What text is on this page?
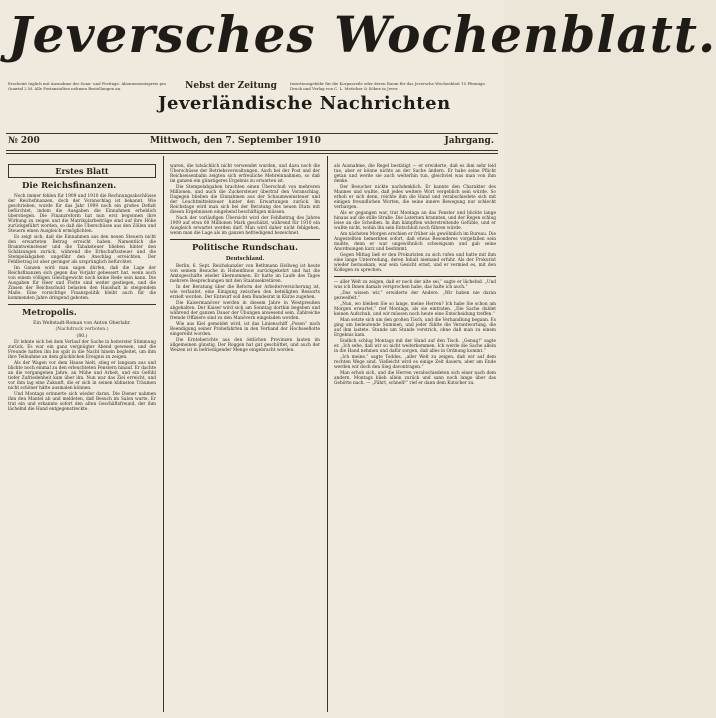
Jeversches Wochenblatt.
Erscheint täglich mit Ausnahme der Sonn- und Festtage. Abonnementspreis pro Quartal 2 M. Alle Postanstalten nehmen Bestellungen an.	Nebst der Zeitung	Insertionsgebühr für die Korpuszeile oder deren Raum für das Jeversche Wochenblatt 10 Pfennige. Druck und Verlag von C. L. Mettcker & Söhne in Jever.
Jeverländische Nachrichten
№ 200	Mittwoch, den 7. September 1910	Jahrgang.
Erstes Blatt
Die Reichsfinanzen.

Noch immer fehlen für 1909 und 1910 die Rechnungsabschlüsse der Reichsfinanzen, doch der Voranschlag ist bekannt. Wie geschrieben, wurde für das Jahr 1909 noch ein großes Defizit befürchtet, indem die Ausgaben die Einnahmen erheblich überstiegen. Die Finanzreform hat nun erst begonnen ihre Wirkung zu zeigen und die Matrikularbeiträge sind auf ihre Höhe zurückgeführt worden, so daß die Überschüsse aus den Zöllen und Steuern einen Ausgleich ermöglichten.

Es zeigt sich, daß die Einnahmen aus den neuen Steuern nicht den erwarteten Betrag erreicht haben. Namentlich die Branntweinsteuer und die Tabaksteuer blieben hinter den Schätzungen zurück, während die Erbschaftssteuer und die Stempelabgaben ungefähr den Anschlag erreichten. Der Fehlbetrag ist aber geringer als ursprünglich befürchtet.

Im Ganzen wird man sagen dürfen, daß die Lage der Reichsfinanzen sich gegen das Vorjahr gebessert hat, wenn auch von einem völligen Gleichgewicht noch keine Rede sein kann. Die Ausgaben für Heer und Flotte sind weiter gestiegen, und die Zinsen der Reichsschuld belasten den Haushalt in steigendem Maße. Eine vorsichtige Finanzpolitik bleibt auch für die kommenden Jahre dringend geboten.

Metropolis.
Ein Weltstadt-Roman von Anton Oberlahr.
(Nachdruck verboten.)
(80.)

Er lehnte sich bei dem Verlauf der Sache in heiterster Stimmung zurück. Es war ein ganz vergnügter Abend gewesen, und die Freunde hatten ihn bis spät in die Nacht hinein begleitet, um ihm ihre Teilnahme an dem glücklichen Ereignis zu zeigen.

Als der Wagen vor dem Hause hielt, stieg er langsam aus und blickte noch einmal zu den erleuchteten Fenstern hinauf. Er dachte an die vergangenen Jahre, an Mühe und Arbeit, und ein Gefühl tiefer Zufriedenheit kam über ihn. Nun war das Ziel erreicht, und vor ihm lag eine Zukunft, die er sich in seinen kühnsten Träumen nicht schöner hätte ausmalen können.

Und Montags erinnerte sich wieder daran. Die Diener nahmen ihm den Mantel ab und meldeten, daß Besuch im Salon warte. Er trat ein und erkannte sofort den alten Geschäftsfreund, der ihm lächelnd die Hand entgegenstreckte.

waren, die tatsächlich nicht verwendet wurden, und dazu noch die Überschüsse der Betriebsverwaltungen. Auch bei der Post und der Reichseisenbahn zeigten sich erfreuliche Mehreinnahmen, so daß im ganzen ein günstigeres Ergebnis zu erwarten ist.

Die Stempelabgaben brachten einen Überschuß von mehreren Millionen, und auch die Zuckersteuer übertraf den Voranschlag. Dagegen blieben die Einnahmen aus der Schaumweinsteuer und der Leuchtmittelsteuer hinter den Erwartungen zurück. Im Reichstage wird man sich bei der Beratung des neuen Etats mit diesen Ergebnissen eingehend beschäftigen müssen.

Nach der vorläufigen Übersicht wird der Fehlbetrag des Jahres 1909 auf etwa 60 Millionen Mark geschätzt, während für 1910 ein Ausgleich erwartet werden darf. Man wird daher nicht fehlgehen, wenn man die Lage als im ganzen befriedigend bezeichnet.

Politische Rundschau.
Deutschland.

Berlin, 6. Sept. Reichskanzler von Bethmann Hollweg ist heute von seinem Besuche in Hohenfinow zurückgekehrt und hat die Amtsgeschäfte wieder übernommen. Er hatte im Laufe des Tages mehrere Besprechungen mit den Staatssekretären.

In der Beratung über die Reform der Arbeiterversicherung ist, wie verlautet, eine Einigung zwischen den beteiligten Ressorts erzielt worden. Der Entwurf soll dem Bundesrat in Kürze zugehen.

Die Kaisermanöver werden in diesem Jahre in Westpreußen abgehalten. Der Kaiser wird sich am Sonntag dorthin begeben und während der ganzen Dauer der Übungen anwesend sein. Zahlreiche fremde Offiziere sind zu den Manövern eingeladen worden.

Wie aus Kiel gemeldet wird, ist das Linienschiff „Posen“ nach Beendigung seiner Probefahrten in den Verband der Hochseeflotte eingereiht worden.

Die Ernteberichte aus den östlichen Provinzen lauten im allgemeinen günstig. Der Roggen hat gut geschüttet, und auch der Weizen ist in befriedigender Menge eingebracht worden.

als Ausnahme, die Regel bestätigt — er erwiderte, daß es ihm sehr leid tue, aber er könne nichts an der Sache ändern. Er habe seine Pflicht getan und werde sie auch weiterhin tun, gleichviel was man von ihm denke.

Der Besucher nickte nachdenklich. Er kannte den Charakter des Mannes und wußte, daß jedes weitere Wort vergeblich sein würde. So erhob er sich denn, reichte ihm die Hand und verabschiedete sich mit einigen freundlichen Worten, die seine innere Bewegung nur schlecht verbargen.

Als er gegangen war, trat Montags an das Fenster und blickte lange hinaus auf die stille Straße. Die Laternen brannten, und der Regen schlug leise an die Scheiben. In ihm kämpften widerstreitende Gefühle, und er wußte nicht, wohin ihn sein Entschluß noch führen würde.

Am nächsten Morgen erschien er früher als gewöhnlich im Bureau. Die Angestellten bemerkten sofort, daß etwas Besonderes vorgefallen sein mußte, denn er war ungewöhnlich schweigsam und gab seine Anordnungen kurz und bestimmt.

Gegen Mittag ließ er den Prokuristen zu sich rufen und hatte mit ihm eine lange Unterredung, deren Inhalt niemand erfuhr. Als der Prokurist wieder herauskam, war sein Gesicht ernst, und er vermied es, mit den Kollegen zu sprechen.

— aller Welt zu zeigen, daß er noch der alte sei,“ sagte er lächelnd. „Und was ich Ihnen damals versprochen habe, das halte ich auch.“

„Das wissen wir,“ erwiderte der Andere. „Wir haben nie daran gezweifelt.“

„Nun, wo bleiben Sie so lange, meine Herren? Ich habe Sie schon am Morgen erwartet,“ rief Montags, als sie eintraten. „Die Sache duldet keinen Aufschub, und wir müssen noch heute eine Entscheidung treffen.“

Man setzte sich um den großen Tisch, und die Verhandlung begann. Es ging um bedeutende Summen, und jeder fühlte die Verantwortung, die auf ihm lastete. Stunde um Stunde verstrich, ohne daß man zu einem Ergebnis kam.

Endlich schlug Montags mit der Hand auf den Tisch. „Genug!“ sagte er. „Ich sehe, daß wir so nicht weiterkommen. Ich werde die Sache allein in die Hand nehmen und dafür sorgen, daß alles in Ordnung kommt.“

„Ich meine,“ sagte Toddes, „aller Welt zu zeigen, daß wir auf dem rechten Wege sind. Vielleicht wird es einige Zeit dauern, aber am Ende werden wir doch den Sieg davontragen.“

Man erhob sich, und die Herren verabschiedeten sich einer nach dem andern. Montags blieb allein zurück und sann noch lange über das Gehörte nach. — „Fährt, schnell!“ rief er dann dem Kutscher zu.
